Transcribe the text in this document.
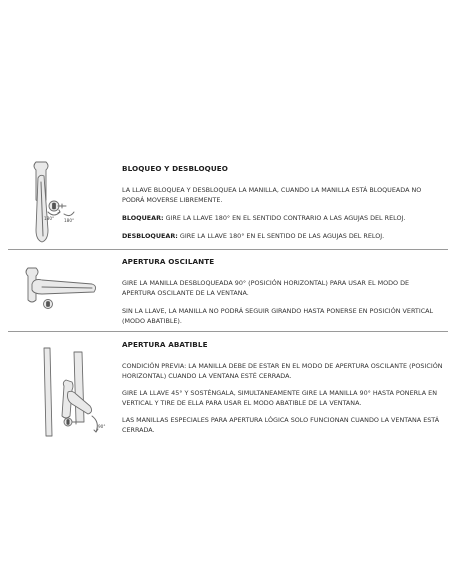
180° 180°

BLOQUEO Y DESBLOQUEO

LA LLAVE BLOQUEA Y DESBLOQUEA LA MANILLA, CUANDO LA MANILLA ESTÁ BLOQUEADA NO PODRÁ MOVERSE LIBREMENTE.

BLOQUEAR: GIRE LA LLAVE 180° EN EL SENTIDO CONTRARIO A LAS AGUJAS DEL RELOJ.

DESBLOQUEAR: GIRE LA LLAVE 180° EN EL SENTIDO DE LAS AGUJAS DEL RELOJ.

APERTURA OSCILANTE

GIRE LA MANILLA DESBLOQUEADA 90° (POSICIÓN HORIZONTAL) PARA USAR EL MODO DE APERTURA OSCILANTE DE LA VENTANA.

SIN LA LLAVE, LA MANILLA NO PODRÁ SEGUIR GIRANDO HASTA PONERSE EN POSICIÓN VERTICAL (MODO ABATIBLE).

90°

APERTURA ABATIBLE

CONDICIÓN PREVIA: LA MANILLA DEBE DE ESTAR EN EL MODO DE APERTURA OSCILANTE (POSICIÓN HORIZONTAL) CUANDO LA VENTANA ESTÉ CERRADA.

GIRE LA LLAVE 45° Y SOSTÉNGALA, SIMULTANEAMENTE GIRE LA MANILLA 90° HASTA PONERLA EN VERTICAL Y TIRE DE ELLA PARA USAR EL MODO ABATIBLE DE LA VENTANA.

LAS MANILLAS ESPECIALES PARA APERTURA LÓGICA SOLO FUNCIONAN CUANDO LA VENTANA ESTÁ CERRADA.
